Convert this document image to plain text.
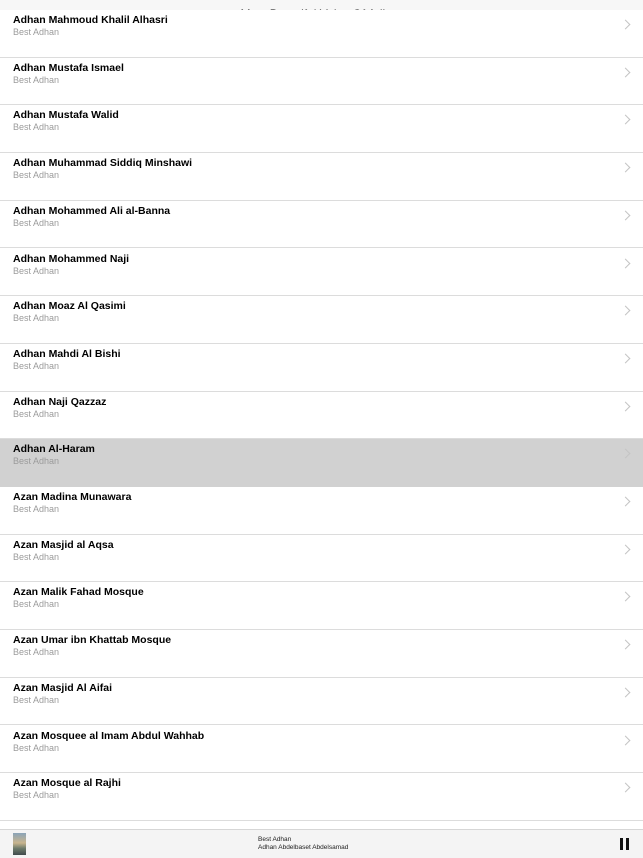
Adhan Mahmoud Khalil Alhasri
Best Adhan
Adhan Mustafa Ismael
Best Adhan
Adhan Mustafa Walid
Best Adhan
Adhan Muhammad Siddiq Minshawi
Best Adhan
Adhan Mohammed Ali al-Banna
Best Adhan
Adhan Mohammed Naji
Best Adhan
Adhan Moaz Al Qasimi
Best Adhan
Adhan Mahdi Al Bishi
Best Adhan
Adhan Naji Qazzaz
Best Adhan
Adhan Al-Haram
Best Adhan
Azan Madina Munawara
Best Adhan
Azan Masjid al Aqsa
Best Adhan
Azan Malik Fahad Mosque
Best Adhan
Azan Umar ibn Khattab Mosque
Best Adhan
Azan Masjid Al Aifai
Best Adhan
Azan Mosquee al Imam Abdul Wahhab
Best Adhan
Azan Mosque al Rajhi
Best Adhan
Best Adhan
Adhan Abdelbaset Abdelsamad
